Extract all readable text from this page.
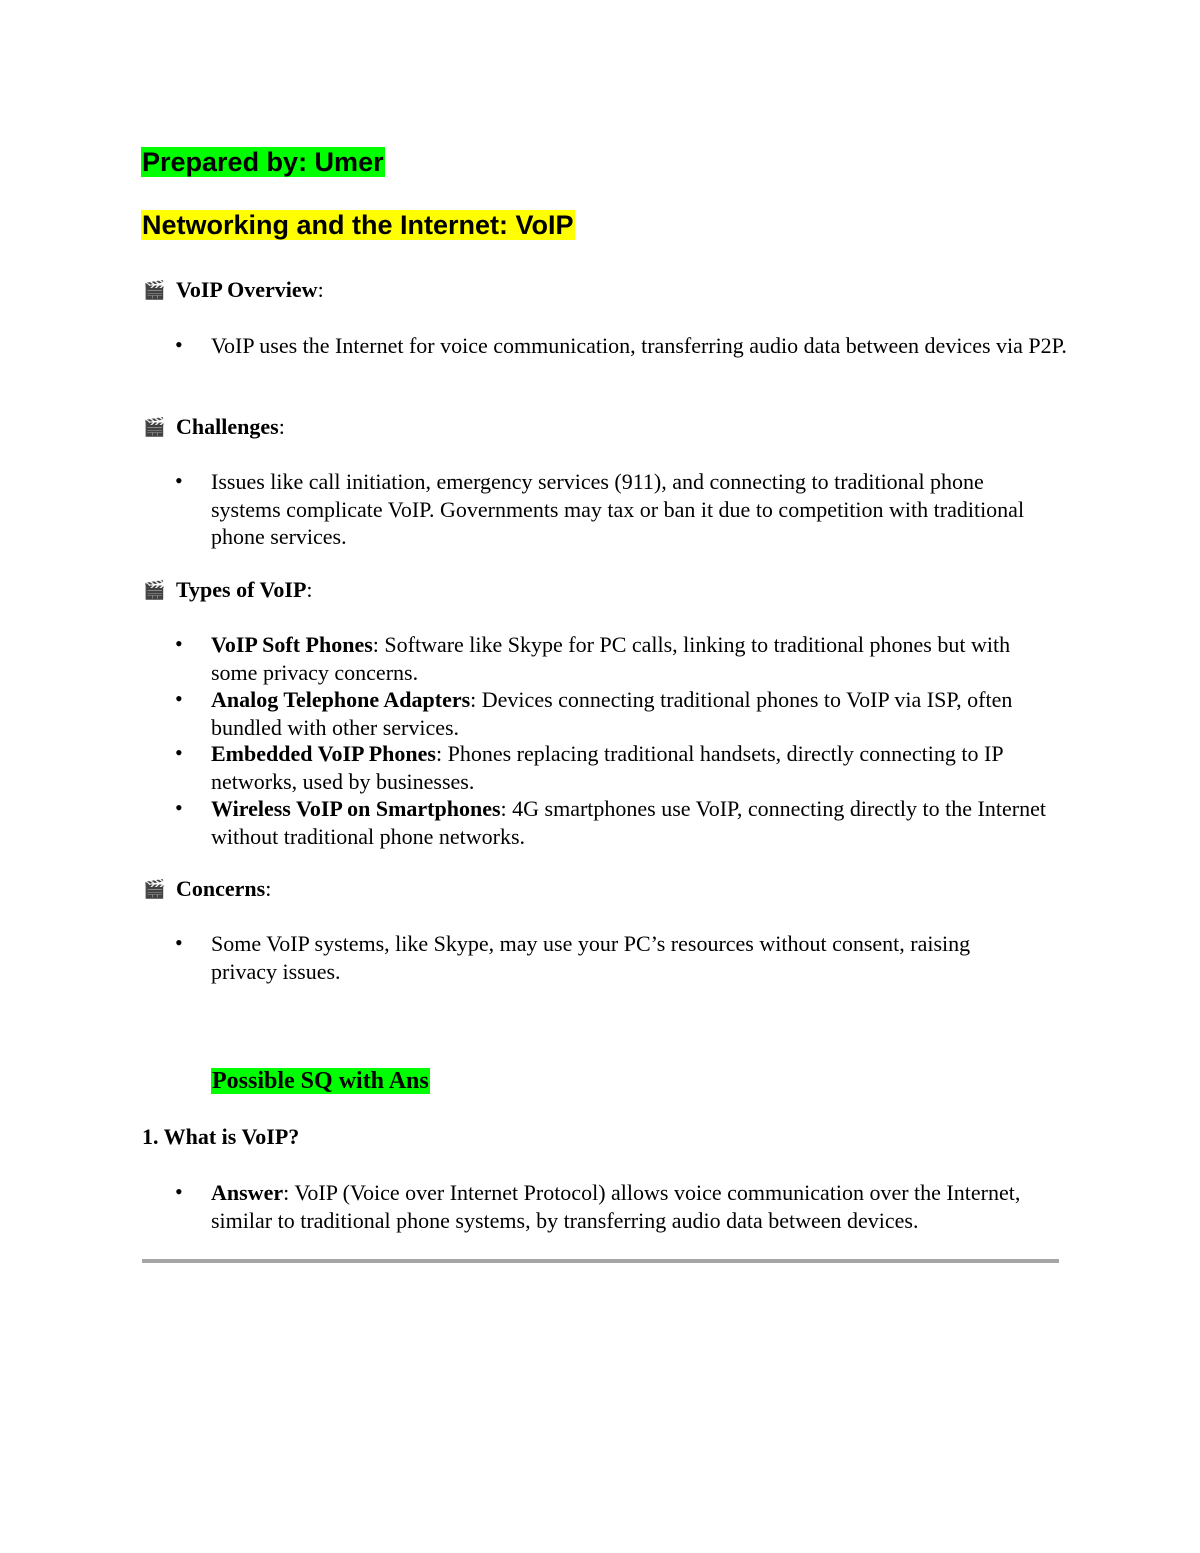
Prepared by: Umer
Networking and the Internet: VoIP
🎬 VoIP Overview:
• VoIP uses the Internet for voice communication, transferring audio data between devices via P2P.
🎬 Challenges:
• Issues like call initiation, emergency services (911), and connecting to traditional phone systems complicate VoIP. Governments may tax or ban it due to competition with traditional phone services.
🎬 Types of VoIP:
• VoIP Soft Phones: Software like Skype for PC calls, linking to traditional phones but with some privacy concerns.
• Analog Telephone Adapters: Devices connecting traditional phones to VoIP via ISP, often bundled with other services.
• Embedded VoIP Phones: Phones replacing traditional handsets, directly connecting to IP networks, used by businesses.
• Wireless VoIP on Smartphones: 4G smartphones use VoIP, connecting directly to the Internet without traditional phone networks.
🎬 Concerns:
• Some VoIP systems, like Skype, may use your PC’s resources without consent, raising privacy issues.
Possible SQ with Ans
1. What is VoIP?
• Answer: VoIP (Voice over Internet Protocol) allows voice communication over the Internet, similar to traditional phone systems, by transferring audio data between devices.
